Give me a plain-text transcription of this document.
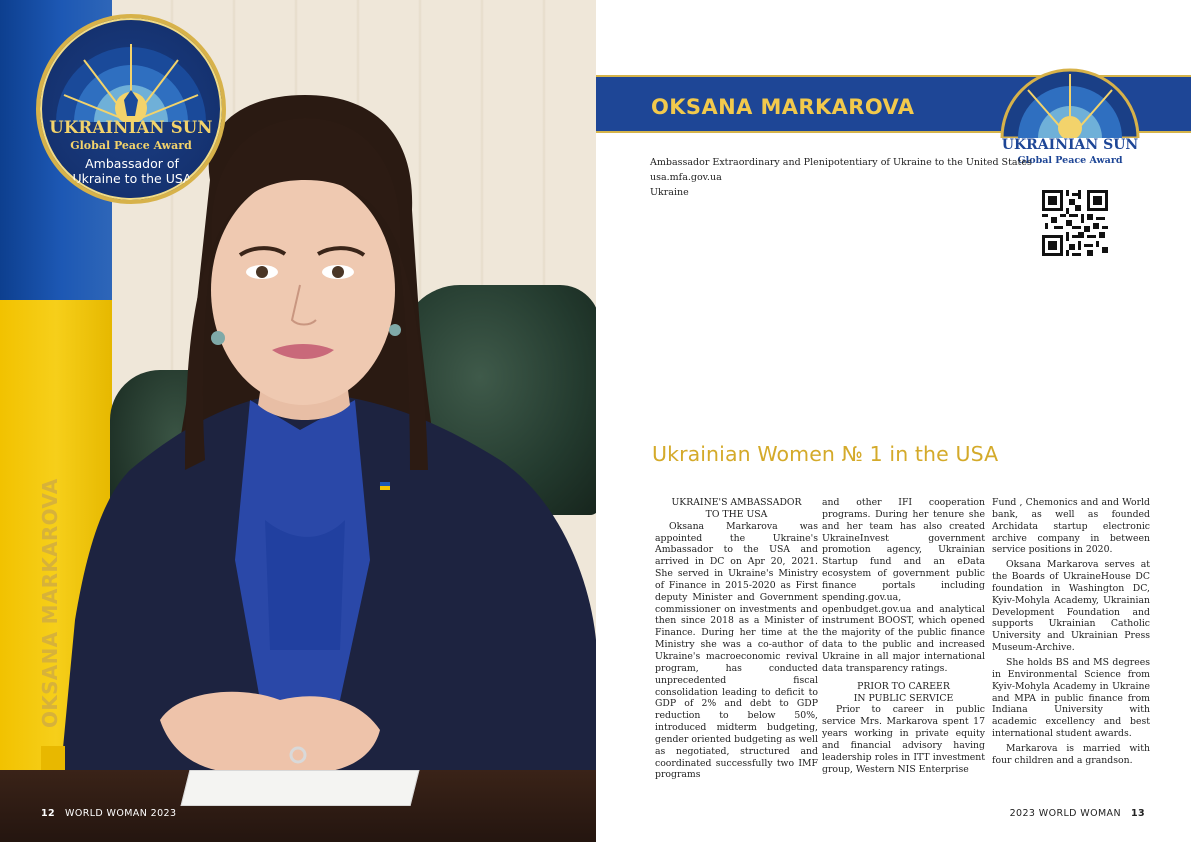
UKRAINIAN SUN
Global Peace Award
Ambassador of
Ukraine to the USA
OKSANA MARKAROVA
12 WORLD WOMAN 2023
OKSANA MARKAROVA
UKRAINIAN SUN
Global Peace Award
Ambassador Extraordinary and Plenipotentiary of Ukraine to the United States
usa.mfa.gov.ua
Ukraine
Ukrainian Women № 1 in the USA

UKRAINE'S AMBASSADOR
TO THE USA

Oksana Markarova was appointed the Ukraine's Ambassador to the USA and arrived in DC on Apr 20, 2021. She served in Ukraine's Ministry of Finance in 2015-2020 as First deputy Minister and Government commissioner on investments and then since 2018 as a Minister of Finance. During her time at the Ministry she was a co-author of Ukraine's macroeconomic revival program, has conducted unprecedented fiscal consolidation leading to deficit to GDP of 2% and debt to GDP reduction to below 50%, introduced midterm budgeting, gender oriented budgeting as well as negotiated, structured and coordinated successfully two IMF programs

and other IFI cooperation programs. During her tenure she and her team has also created UkraineInvest government promotion agency, Ukrainian Startup fund and an eData ecosystem of government public finance portals including spending.gov.ua, openbudget.gov.ua and analytical instrument BOOST, which opened the majority of the public finance data to the public and increased Ukraine in all major international data transparency ratings.

PRIOR TO CAREER
IN PUBLIC SERVICE

Prior to career in public service Mrs. Markarova spent 17 years working in private equity and financial advisory having leadership roles in ITT investment group, Western NIS Enterprise

Fund , Chemonics and and World bank, as well as founded Archidata startup electronic archive company in between service positions in 2020.

Oksana Markarova serves at the Boards of UkraineHouse DC foundation in Washington DC, Kyiv-Mohyla Academy, Ukrainian Development Foundation and supports Ukrainian Catholic University and Ukrainian Press Museum-Archive.

She holds BS and MS degrees in Environmental Science from Kyiv-Mohyla Academy in Ukraine and MPA in public finance from Indiana University with academic excellency and best international student awards.

Markarova is married with four children and a grandson.

2023 WORLD WOMAN 13
